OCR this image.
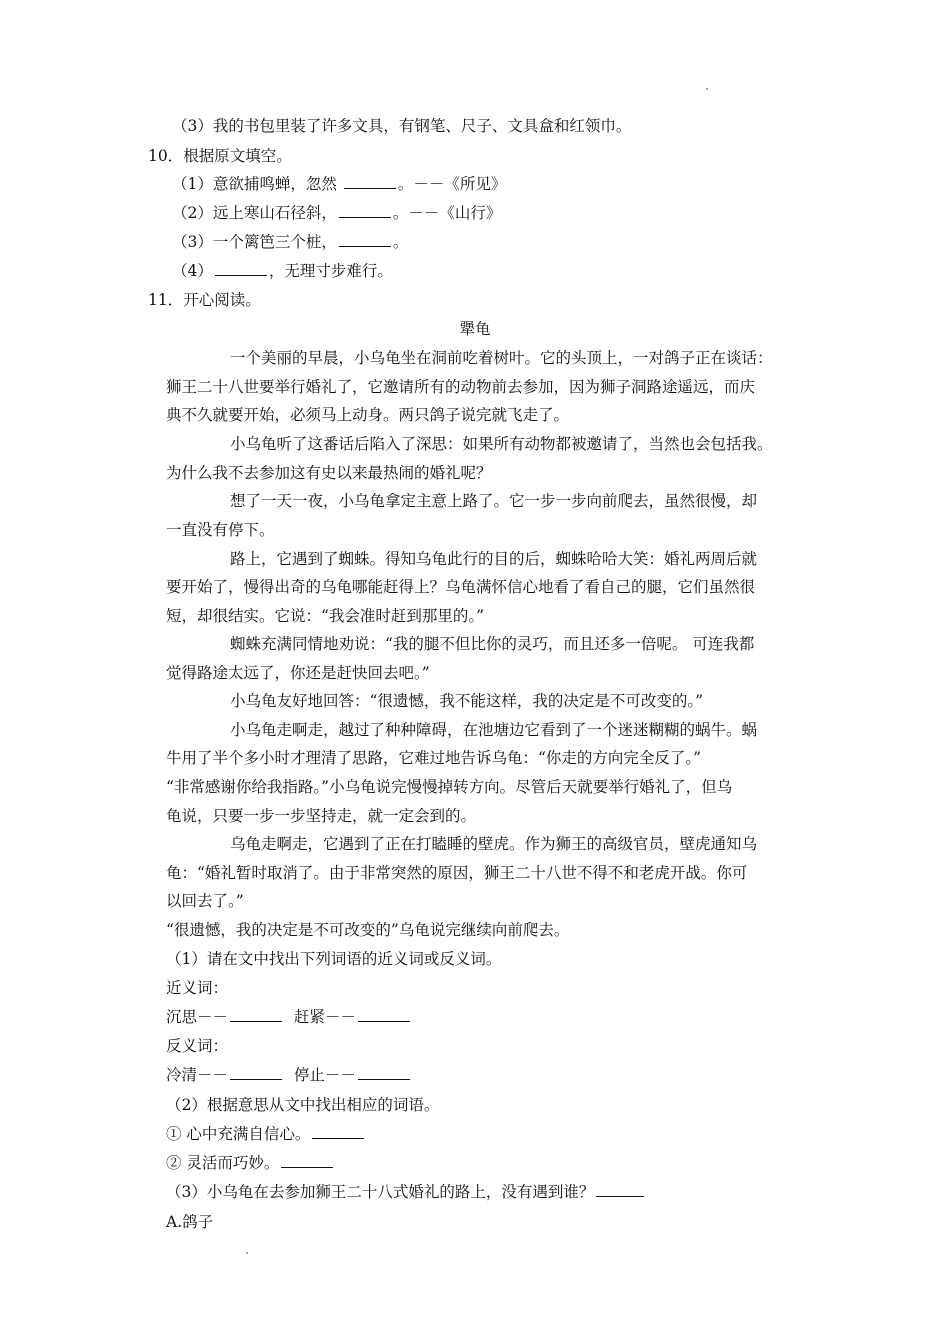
（3）我的书包里装了许多文具，有钢笔、尺子、文具盒和红领巾。
10．根据原文填空。
（1）意欲捕鸣蝉，忽然	。－－《所见》
（2）远上寒山石径斜，	。－－《山行》
（3）一个篱笆三个桩，	。
（4）	，无理寸步难行。
11．开心阅读。
犟龟
一个美丽的早晨，小乌龟坐在洞前吃着树叶。它的头顶上，一对鸽子正在谈话：
狮王二十八世要举行婚礼了，它邀请所有的动物前去参加，因为狮子洞路途遥远，而庆
典不久就要开始，必须马上动身。两只鸽子说完就飞走了。
小乌龟听了这番话后陷入了深思：如果所有动物都被邀请了，当然也会包括我。
为什么我不去参加这有史以来最热闹的婚礼呢？
想了一天一夜，小乌龟拿定主意上路了。它一步一步向前爬去，虽然很慢，却
一直没有停下。
路上，它遇到了蜘蛛。得知乌龟此行的目的后，蜘蛛哈哈大笑：婚礼两周后就
要开始了，慢得出奇的乌龟哪能赶得上？乌龟满怀信心地看了看自己的腿，它们虽然很
短，却很结实。它说：“我会准时赶到那里的。”
蜘蛛充满同情地劝说：“我的腿不但比你的灵巧，而且还多一倍呢。 可连我都
觉得路途太远了，你还是赶快回去吧。”
小乌龟友好地回答：“很遗憾，我不能这样，我的决定是不可改变的。”
小乌龟走啊走，越过了种种障碍，在池塘边它看到了一个迷迷糊糊的蜗牛。蜗
牛用了半个多小时才理清了思路，它难过地告诉乌龟：“你走的方向完全反了。”
“非常感谢你给我指路。”小乌龟说完慢慢掉转方向。尽管后天就要举行婚礼了，但乌
龟说，只要一步一步坚持走，就一定会到的。
乌龟走啊走，它遇到了正在打瞌睡的壁虎。作为狮王的高级官员，壁虎通知乌
龟：“婚礼暂时取消了。由于非常突然的原因，狮王二十八世不得不和老虎开战。你可
以回去了。”
“很遗憾，我的决定是不可改变的”乌龟说完继续向前爬去。
（1）请在文中找出下列词语的近义词或反义词。
近义词：
沉思－－	赶紧－－
反义词：
冷清－－	停止－－
（2）根据意思从文中找出相应的词语。
① 心中充满自信心。
② 灵活而巧妙。
（3）小乌龟在去参加狮王二十八式婚礼的路上，没有遇到谁？
A.鸽子
